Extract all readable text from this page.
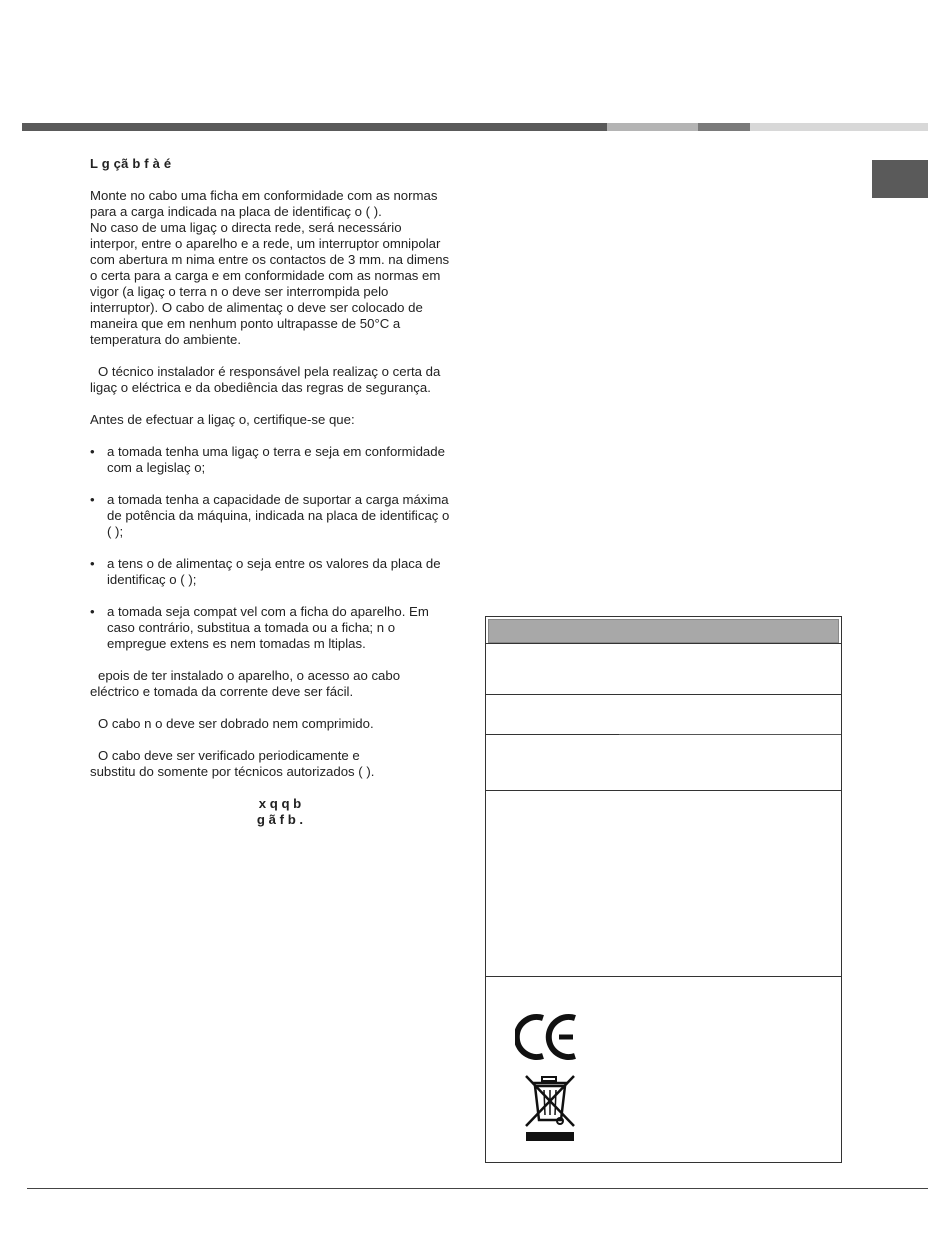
L g çã b f à é

Monte no cabo uma ficha em conformidade com as normas para a carga indicada na placa de identificaç o ( ).

No caso de uma ligaç o directa rede, será necessário interpor, entre o aparelho e a rede, um interruptor omnipolar com abertura m nima entre os contactos de 3 mm. na dimens o certa para a carga e em conformidade com as normas em vigor (a ligaç o terra n o deve ser interrompida pelo interruptor). O cabo de alimentaç o deve ser colocado de maneira que em nenhum ponto ultrapasse de 50°C a temperatura do ambiente.

O técnico instalador é responsável pela realizaç o certa da ligaç o eléctrica e da obediência das regras de segurança.

Antes de efectuar a ligaç o, certifique-se que:

• a tomada tenha uma ligaç o terra e seja em conformidade com a legislaç o;
• a tomada tenha a capacidade de suportar a carga máxima de potência da máquina, indicada na placa de identificaç o ( );
• a tens o de alimentaç o seja entre os valores da placa de identificaç o ( );
• a tomada seja compat vel com a ficha do aparelho. Em caso contrário, substitua a tomada ou a ficha; n o empregue extens es nem tomadas m ltiplas.

epois de ter instalado o aparelho, o acesso ao cabo eléctrico e tomada da corrente deve ser fácil.

O cabo n o deve ser dobrado nem comprimido.

O cabo deve ser verificado periodicamente e substitu do somente por técnicos autorizados ( ).

x q q b

g ã f b .
